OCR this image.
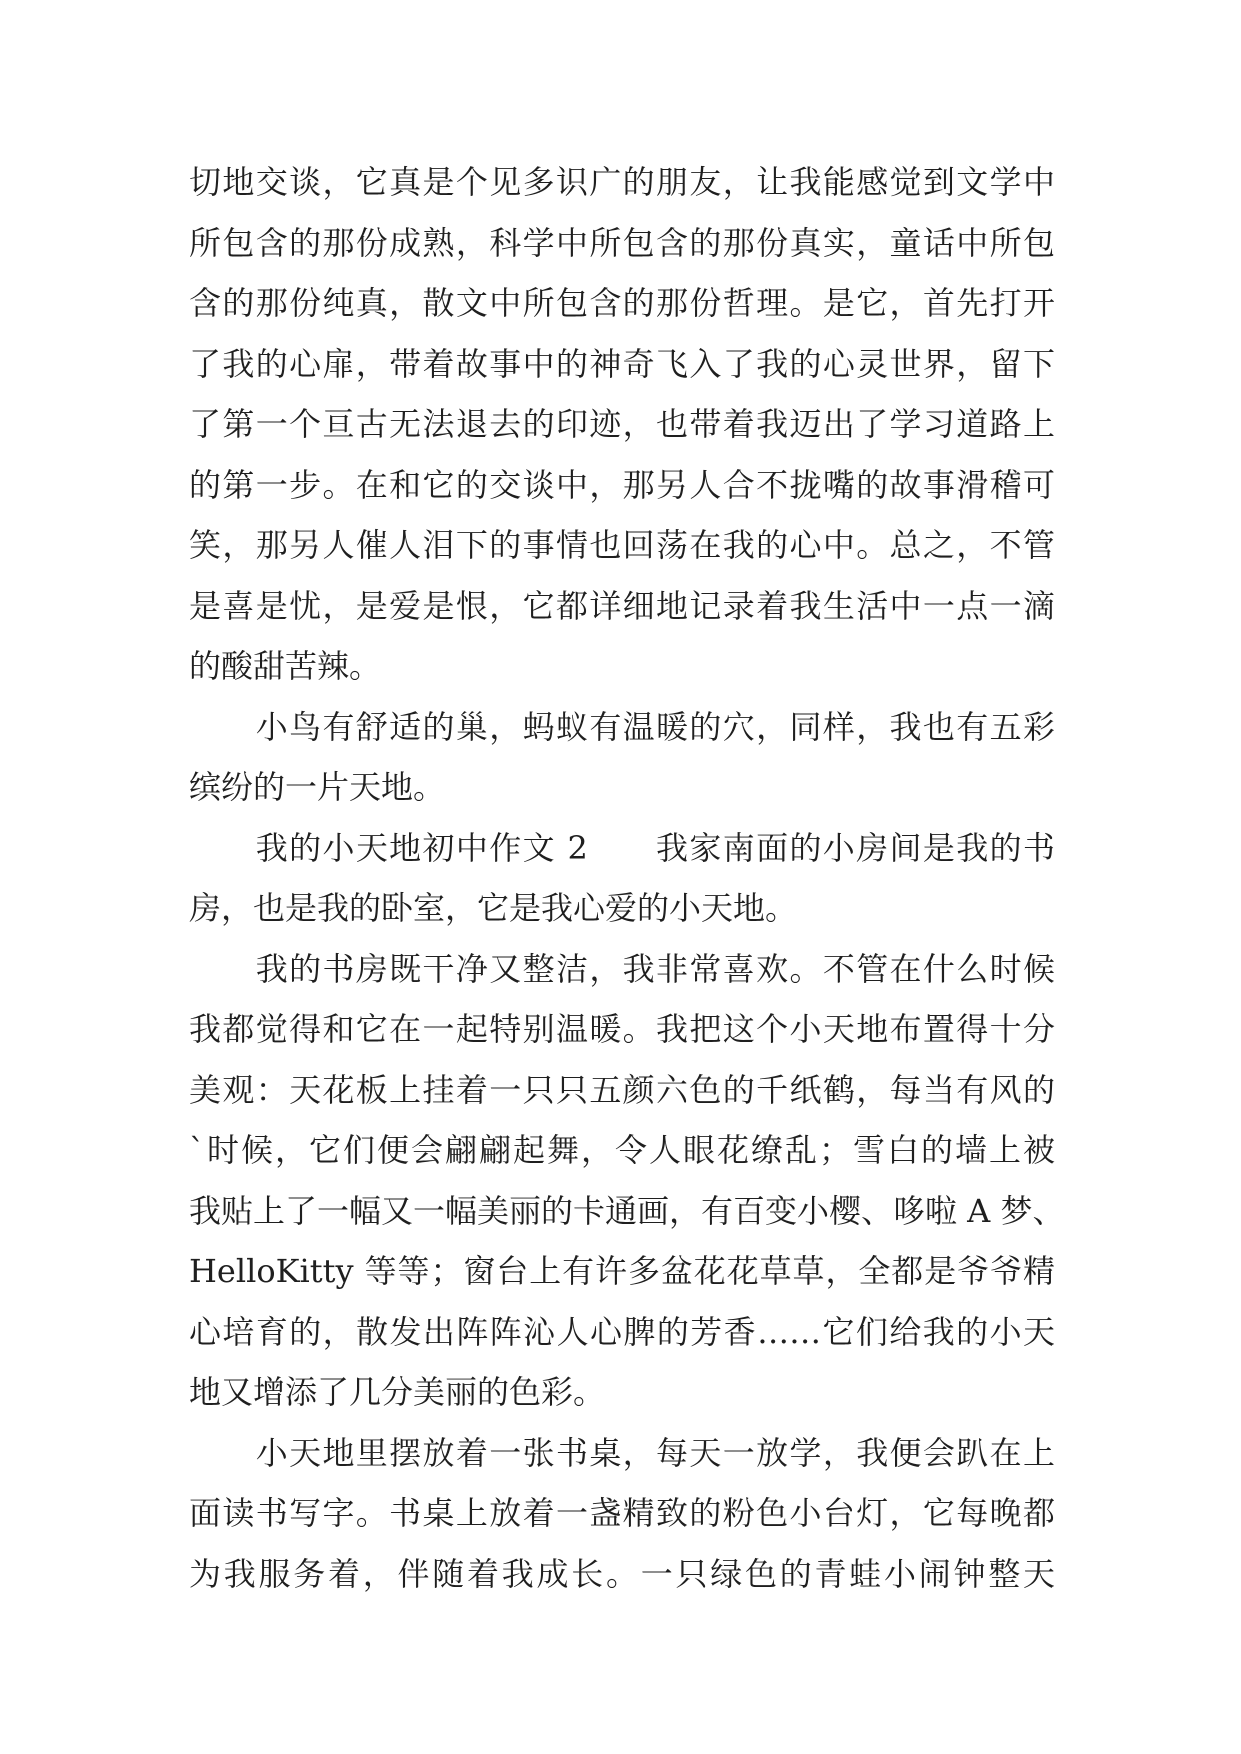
切地交谈，它真是个见多识广的朋友，让我能感觉到文学中
所包含的那份成熟，科学中所包含的那份真实，童话中所包
含的那份纯真，散文中所包含的那份哲理。是它，首先打开
了我的心扉，带着故事中的神奇飞入了我的心灵世界，留下
了第一个亘古无法退去的印迹，也带着我迈出了学习道路上
的第一步。在和它的交谈中，那另人合不拢嘴的故事滑稽可
笑，那另人催人泪下的事情也回荡在我的心中。总之，不管
是喜是忧，是爱是恨，它都详细地记录着我生活中一点一滴
的酸甜苦辣。
　　小鸟有舒适的巢，蚂蚁有温暖的穴，同样，我也有五彩
缤纷的一片天地。
　　我的小天地初中作文 2　　我家南面的小房间是我的书
房，也是我的卧室，它是我心爱的小天地。
　　我的书房既干净又整洁，我非常喜欢。不管在什么时候
我都觉得和它在一起特别温暖。我把这个小天地布置得十分
美观：天花板上挂着一只只五颜六色的千纸鹤，每当有风的
`时候，它们便会翩翩起舞，令人眼花缭乱；雪白的墙上被
我贴上了一幅又一幅美丽的卡通画，有百变小樱、哆啦 A 梦、
HelloKitty 等等；窗台上有许多盆花花草草，全都是爷爷精
心培育的，散发出阵阵沁人心脾的芳香……它们给我的小天
地又增添了几分美丽的色彩。
　　小天地里摆放着一张书桌，每天一放学，我便会趴在上
面读书写字。书桌上放着一盏精致的粉色小台灯，它每晚都
为我服务着，伴随着我成长。一只绿色的青蛙小闹钟整天
